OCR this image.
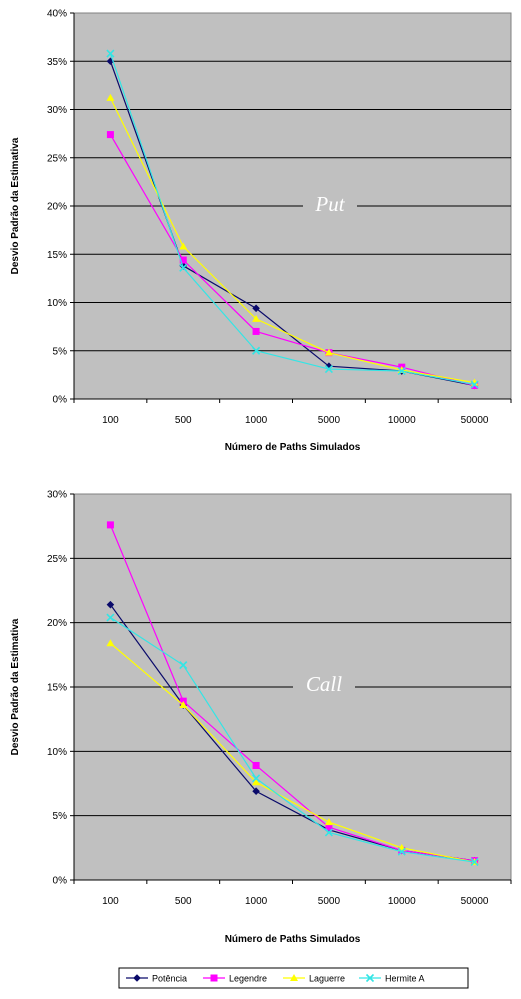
0%
5%
10%
15%
20%
25%
30%
35%
40%
100	500	1000	5000	10000	50000
Número de Paths Simulados
Desvio Padrão da Estimativa	Put
0%
5%
10%
15%
20%
25%
30%
100	500	1000	5000	10000	50000
Número de Paths Simulados
Desvio Padrão da Estimativa	Call
Potência	Legendre	Laguerre	Hermite A
